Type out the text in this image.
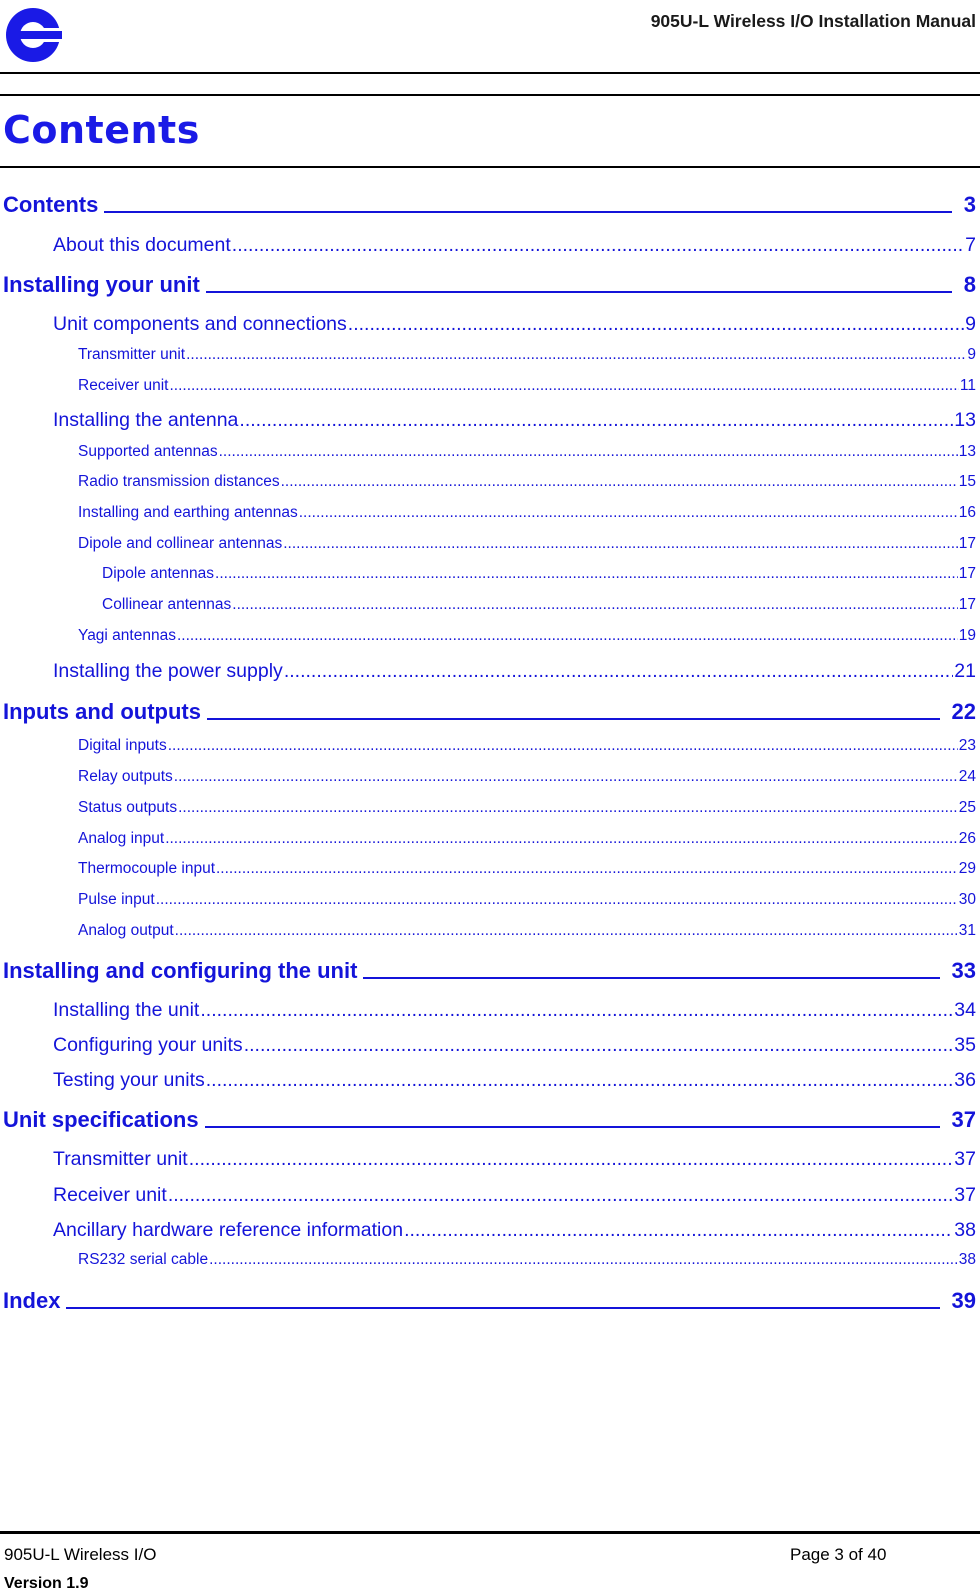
905U-L Wireless I/O Installation Manual
Contents
Contents	3
About this document .....	7
Installing your unit	8
Unit components and connections .....	9
Transmitter unit .....	9
Receiver unit .....	11
Installing the antenna .....	13
Supported antennas .....	13
Radio transmission distances .....	15
Installing and earthing antennas .....	16
Dipole and collinear antennas .....	17
Dipole antennas .....	17
Collinear antennas .....	17
Yagi antennas .....	19
Installing the power supply .....	21
Inputs and outputs	22
Digital inputs .....	23
Relay outputs .....	24
Status outputs .....	25
Analog input .....	26
Thermocouple input .....	29
Pulse input .....	30
Analog output .....	31
Installing and configuring the unit	33
Installing the unit .....	34
Configuring your units .....	35
Testing your units .....	36
Unit specifications	37
Transmitter unit .....	37
Receiver unit .....	37
Ancillary hardware reference information .....	38
RS232 serial cable .....	38
Index	39
905U-L Wireless I/O	Page 3 of 40
Version 1.9
